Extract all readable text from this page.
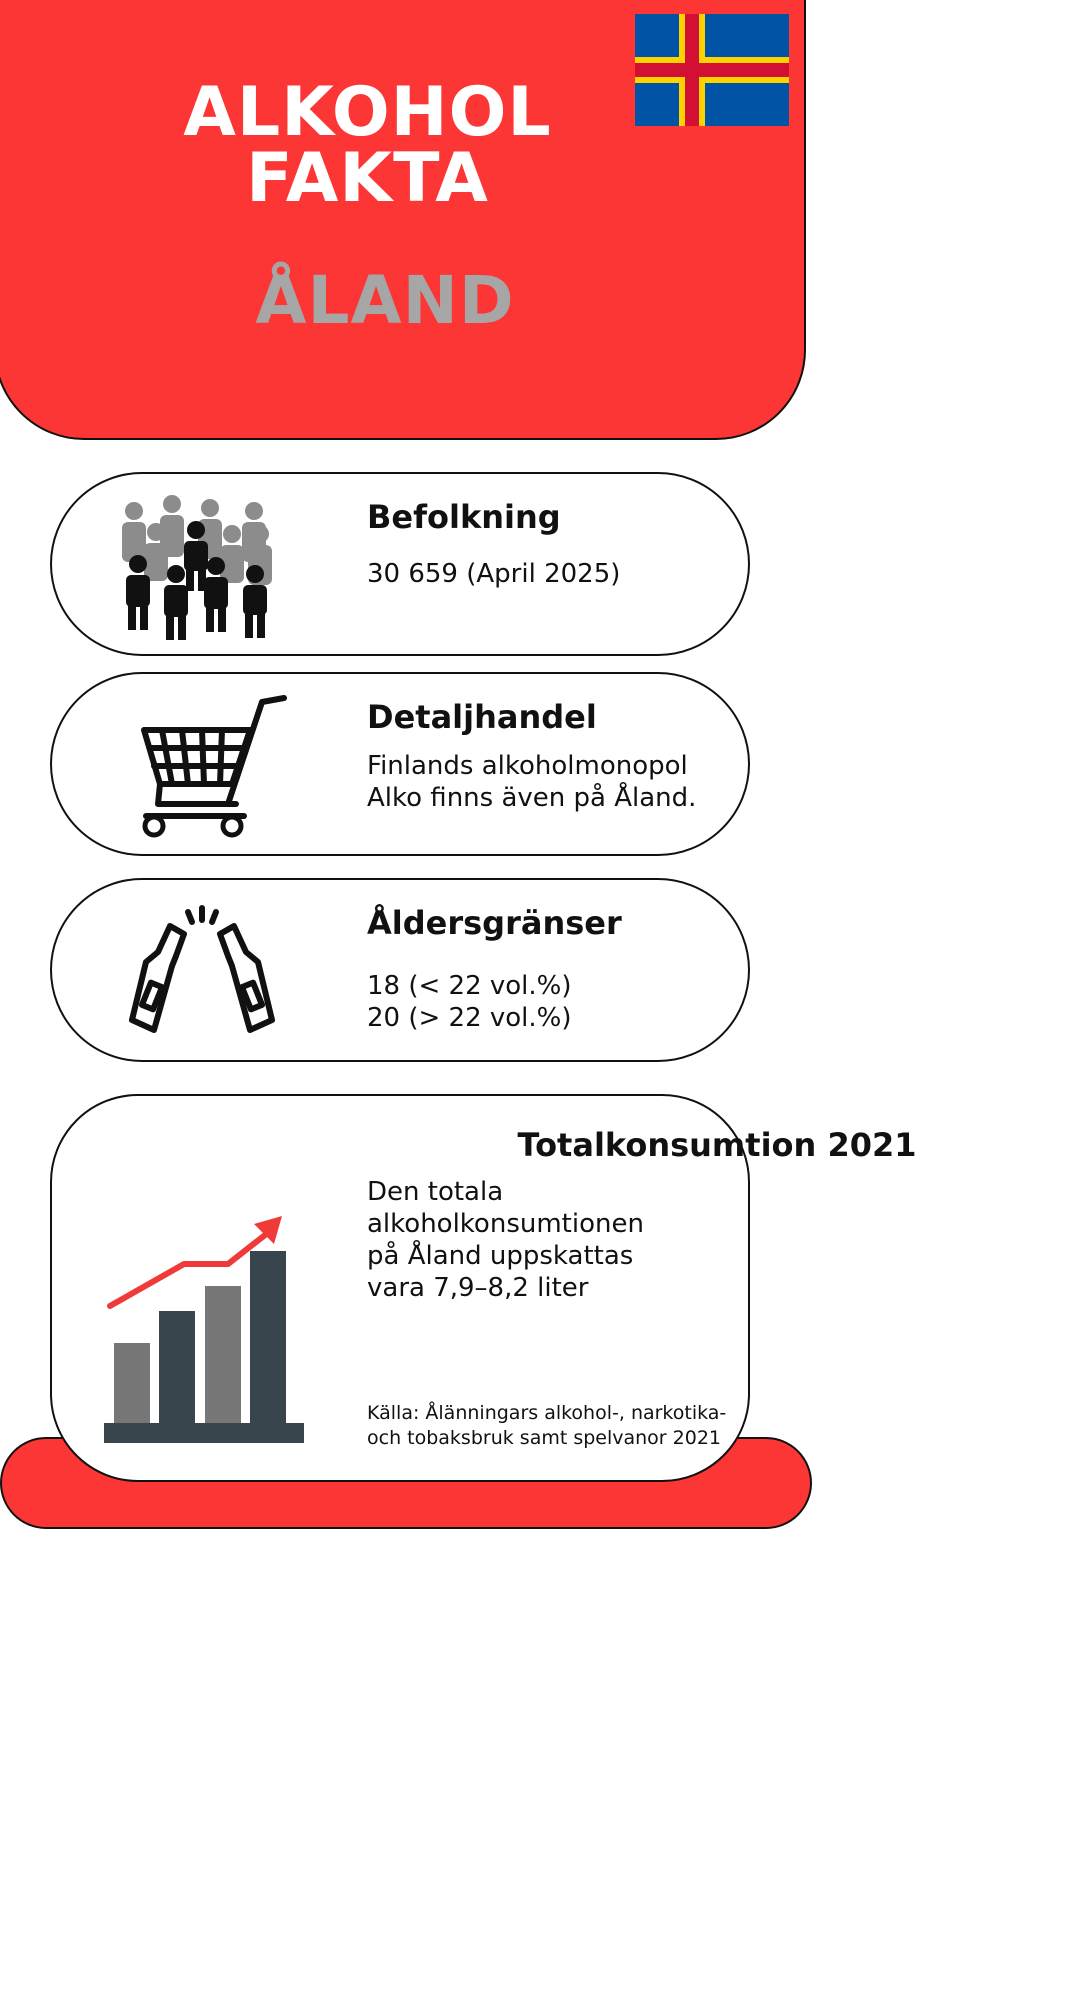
ALKOHOL
FAKTA
ÅLAND
Befolkning

30 659 (April 2025)

Detaljhandel

Finlands alkoholmonopol
Alko finns även på Åland.

Åldersgränser

18 (< 22 vol.%)
20 (> 22 vol.%)

Totalkonsumtion 2021

Den totala
alkoholkonsumtionen
på Åland uppskattas
vara 7,9–8,2 liter

Källa: Ålänningars alkohol-, narkotika- och tobaksbruk samt spelvanor 2021
